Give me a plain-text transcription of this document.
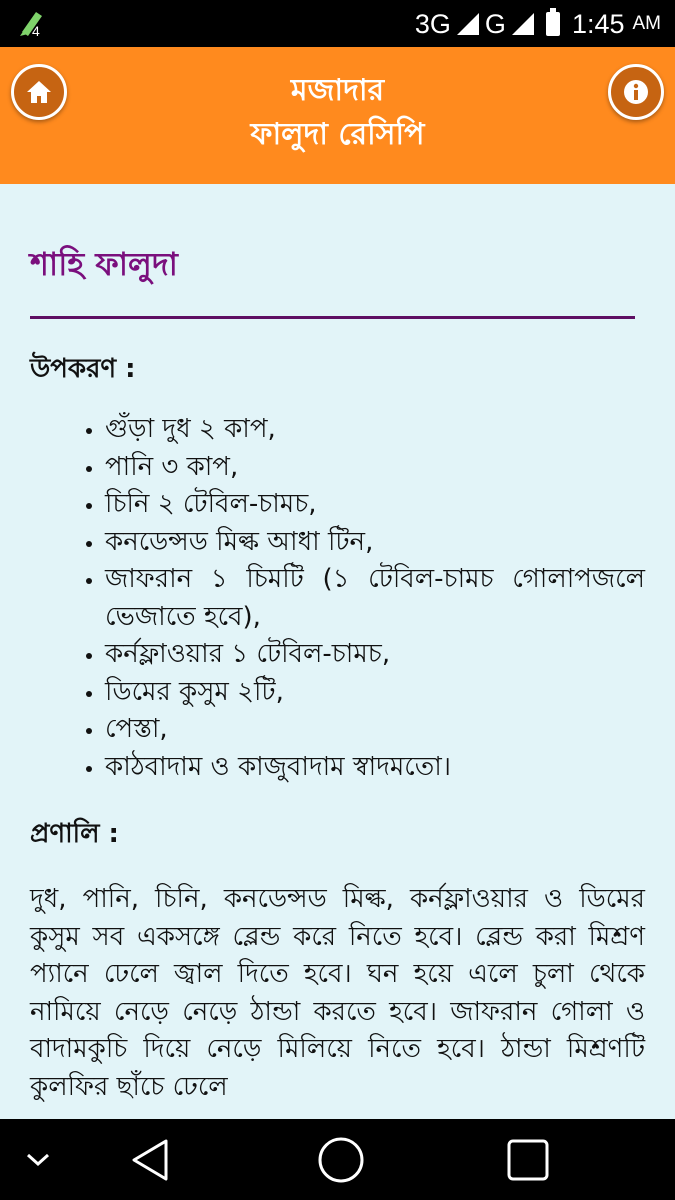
4	3G G 1:45 AM
মজাদার
ফালুদা রেসিপি
শাহি ফালুদা
উপকরণ :
• গুঁড়া দুধ ২ কাপ,
• পানি ৩ কাপ,
• চিনি ২ টেবিল-চামচ,
• কনডেন্সড মিল্ক আধা টিন,
• জাফরান ১ চিমটি (১ টেবিল-চামচ গোলাপজলে ভেজাতে হবে),
• কর্নফ্লাওয়ার ১ টেবিল-চামচ,
• ডিমের কুসুম ২টি,
• পেস্তা,
• কাঠবাদাম ও কাজুবাদাম স্বাদমতো।
প্রণালি :
দুধ, পানি, চিনি, কনডেন্সড মিল্ক, কর্নফ্লাওয়ার ও ডিমের কুসুম সব একসঙ্গে ব্লেন্ড করে নিতে হবে। ব্লেন্ড করা মিশ্রণ প্যানে ঢেলে জ্বাল দিতে হবে। ঘন হয়ে এলে চুলা থেকে নামিয়ে নেড়ে নেড়ে ঠান্ডা করতে হবে। জাফরান গোলা ও বাদামকুচি দিয়ে নেড়ে মিলিয়ে নিতে হবে। ঠান্ডা মিশ্রণটি কুলফির ছাঁচে ঢেলে
